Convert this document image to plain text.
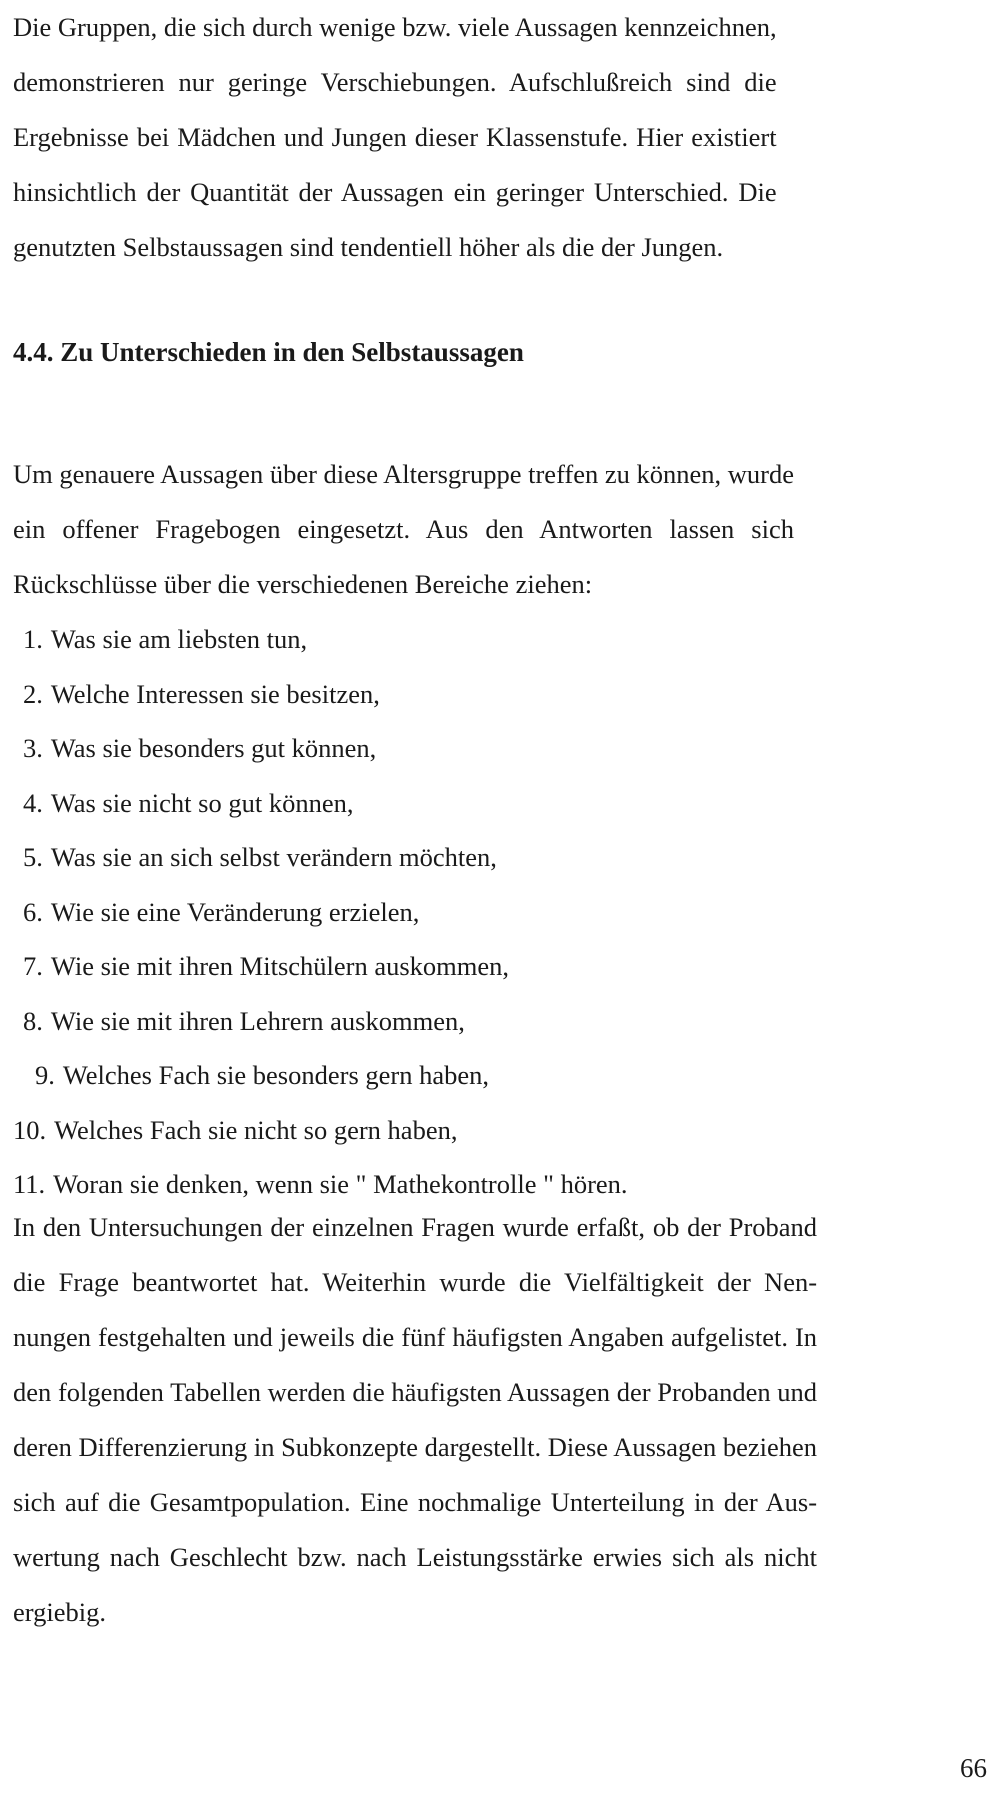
Die Gruppen, die sich durch wenige bzw. viele Aussagen kennzeichnen,
demonstrieren nur geringe Verschiebungen. Aufschlußreich sind die
Ergebnisse bei Mädchen und Jungen dieser Klassenstufe. Hier existiert
hinsichtlich der Quantität der Aussagen ein geringer Unterschied. Die
genutzten Selbstaussagen sind tendentiell höher als die der Jungen.

4.4. Zu Unterschieden in den Selbstaussagen

Um genauere Aussagen über diese Altersgruppe treffen zu können, wurde
ein offener Fragebogen eingesetzt. Aus den Antworten lassen sich
Rückschlüsse über die verschiedenen Bereiche ziehen:

1. Was sie am liebsten tun,
2. Welche Interessen sie besitzen,
3. Was sie besonders gut können,
4. Was sie nicht so gut können,
5. Was sie an sich selbst verändern möchten,
6. Wie sie eine Veränderung erzielen,
7. Wie sie mit ihren Mitschülern auskommen,
8. Wie sie mit ihren Lehrern auskommen,
9. Welches Fach sie besonders gern haben,
10. Welches Fach sie nicht so gern haben,
11. Woran sie denken, wenn sie " Mathekontrolle " hören.

In den Untersuchungen der einzelnen Fragen wurde erfaßt, ob der Proband
die Frage beantwortet hat. Weiterhin wurde die Vielfältigkeit der Nen-
nungen festgehalten und jeweils die fünf häufigsten Angaben aufgelistet. In
den folgenden Tabellen werden die häufigsten Aussagen der Probanden und
deren Differenzierung in Subkonzepte dargestellt. Diese Aussagen beziehen
sich auf die Gesamtpopulation. Eine nochmalige Unterteilung in der Aus-
wertung nach Geschlecht bzw. nach Leistungsstärke erwies sich als nicht
ergiebig.

66
